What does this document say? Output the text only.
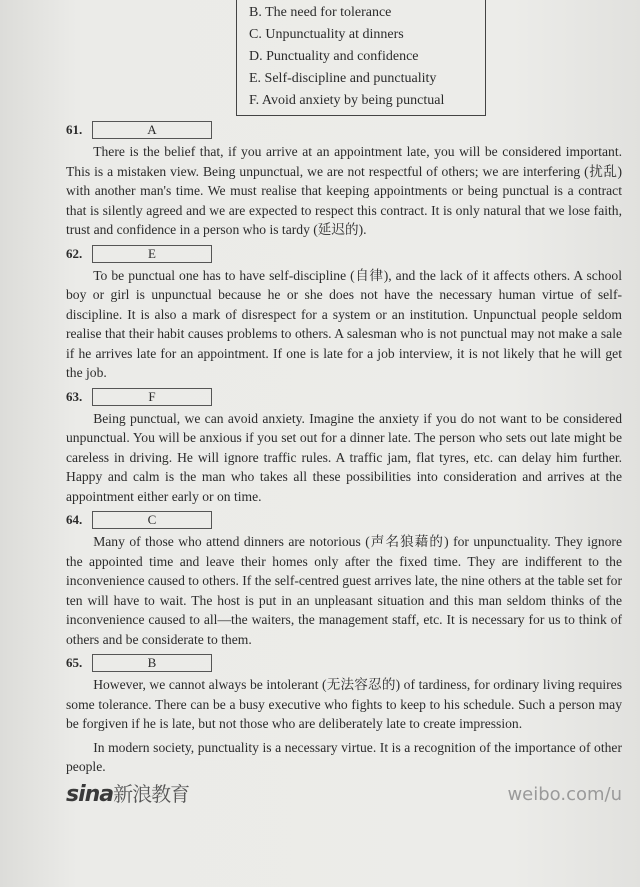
B. The need for tolerance
C. Unpunctuality at dinners
D. Punctuality and confidence
E. Self-discipline and punctuality
F. Avoid anxiety by being punctual
61.	A

There is the belief that, if you arrive at an appointment late, you will be considered important. This is a mistaken view. Being unpunctual, we are not respectful of others; we are interfering (扰乱) with another man's time. We must realise that keeping appointments or being punctual is a contract that is silently agreed and we are expected to respect this contract. It is only natural that we lose faith, trust and confidence in a person who is tardy (延迟的).

62.	E

To be punctual one has to have self-discipline (自律), and the lack of it affects others. A school boy or girl is unpunctual because he or she does not have the necessary human virtue of self-discipline. It is also a mark of disrespect for a system or an institution. Unpunctual people seldom realise that their habit causes problems to others. A salesman who is not punctual may not make a sale if he arrives late for an appointment. If one is late for a job interview, it is not likely that he will get the job.

63.	F

Being punctual, we can avoid anxiety. Imagine the anxiety if you do not want to be considered unpunctual. You will be anxious if you set out for a dinner late. The person who sets out late might be careless in driving. He will ignore traffic rules. A traffic jam, flat tyres, etc. can delay him further. Happy and calm is the man who takes all these possibilities into consideration and arrives at the appointment either early or on time.

64.	C

Many of those who attend dinners are notorious (声名狼藉的) for unpunctuality. They ignore the appointed time and leave their homes only after the fixed time. They are indifferent to the inconvenience caused to others. If the self-centred guest arrives late, the nine others at the table set for ten will have to wait. The host is put in an unpleasant situation and this man seldom thinks of the inconvenience caused to all—the waiters, the management staff, etc. It is necessary for us to think of others and be considerate to them.

65.	B

However, we cannot always be intolerant (无法容忍的) of tardiness, for ordinary living requires some tolerance. There can be a busy executive who fights to keep to his schedule. Such a person may be forgiven if he is late, but not those who are deliberately late to create impression.

In modern society, punctuality is a necessary virtue. It is a recognition of the importance of other people.

sina新浪教育	weibo.com/u
